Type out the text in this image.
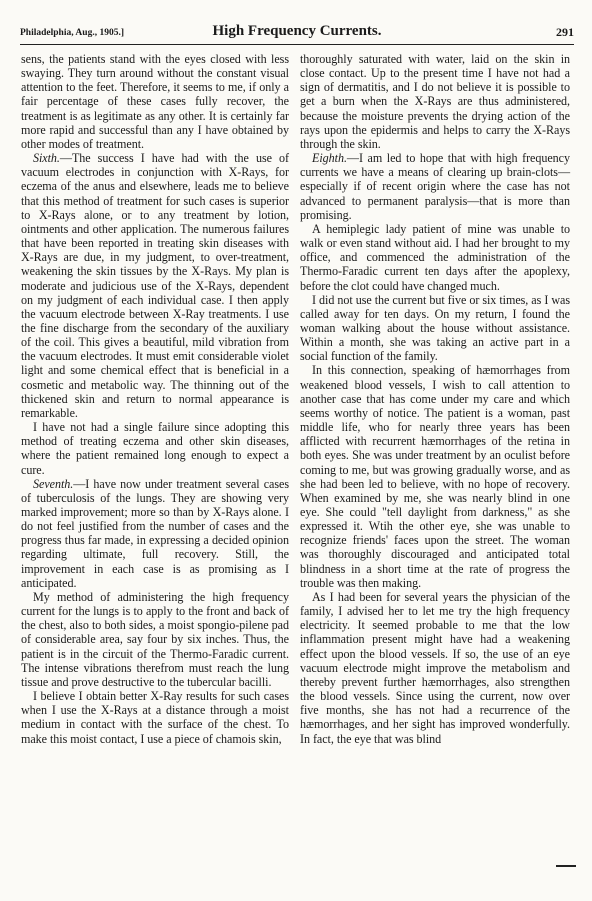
Philadelphia, Aug., 1905.]	High Frequency Currents.	291

sens, the patients stand with the eyes closed with less swaying. They turn around without the constant visual attention to the feet. Therefore, it seems to me, if only a fair percentage of these cases fully recover, the treatment is as legitimate as any other. It is certainly far more rapid and successful than any I have obtained by other modes of treatment.

Sixth.—The success I have had with the use of vacuum electrodes in conjunction with X-Rays, for eczema of the anus and elsewhere, leads me to believe that this method of treatment for such cases is superior to X-Rays alone, or to any treatment by lotion, ointments and other application. The numerous failures that have been reported in treating skin diseases with X-Rays are due, in my judgment, to over-treatment, weakening the skin tissues by the X-Rays. My plan is moderate and judicious use of the X-Rays, dependent on my judgment of each individual case. I then apply the vacuum electrode between X-Ray treatments. I use the fine discharge from the secondary of the auxiliary of the coil. This gives a beautiful, mild vibration from the vacuum electrodes. It must emit considerable violet light and some chemical effect that is beneficial in a cosmetic and metabolic way. The thinning out of the thickened skin and return to normal appearance is remarkable.

I have not had a single failure since adopting this method of treating eczema and other skin diseases, where the patient remained long enough to expect a cure.

Seventh.—I have now under treatment several cases of tuberculosis of the lungs. They are showing very marked improvement; more so than by X-Rays alone. I do not feel justified from the number of cases and the progress thus far made, in expressing a decided opinion regarding ultimate, full recovery. Still, the improvement in each case is as promising as I anticipated.

My method of administering the high frequency current for the lungs is to apply to the front and back of the chest, also to both sides, a moist spongio-pilene pad of considerable area, say four by six inches. Thus, the patient is in the circuit of the Thermo-Faradic current. The intense vibrations therefrom must reach the lung tissue and prove destructive to the tubercular bacilli.

I believe I obtain better X-Ray results for such cases when I use the X-Rays at a distance through a moist medium in contact with the surface of the chest. To make this moist contact, I use a piece of chamois skin,

thoroughly saturated with water, laid on the skin in close contact. Up to the present time I have not had a sign of dermatitis, and I do not believe it is possible to get a burn when the X-Rays are thus administered, because the moisture prevents the drying action of the rays upon the epidermis and helps to carry the X-Rays through the skin.

Eighth.—I am led to hope that with high frequency currents we have a means of clearing up brain-clots—especially if of recent origin where the case has not advanced to permanent paralysis—that is more than promising.

A hemiplegic lady patient of mine was unable to walk or even stand without aid. I had her brought to my office, and commenced the administration of the Thermo-Faradic current ten days after the apoplexy, before the clot could have changed much.

I did not use the current but five or six times, as I was called away for ten days. On my return, I found the woman walking about the house without assistance. Within a month, she was taking an active part in a social function of the family.

In this connection, speaking of hæmorrhages from weakened blood vessels, I wish to call attention to another case that has come under my care and which seems worthy of notice. The patient is a woman, past middle life, who for nearly three years has been afflicted with recurrent hæmorrhages of the retina in both eyes. She was under treatment by an oculist before coming to me, but was growing gradually worse, and as she had been led to believe, with no hope of recovery. When examined by me, she was nearly blind in one eye. She could "tell daylight from darkness," as she expressed it. Wtih the other eye, she was unable to recognize friends' faces upon the street. The woman was thoroughly discouraged and anticipated total blindness in a short time at the rate of progress the trouble was then making.

As I had been for several years the physician of the family, I advised her to let me try the high frequency electricity. It seemed probable to me that the low inflammation present might have had a weakening effect upon the blood vessels. If so, the use of an eye vacuum electrode might improve the metabolism and thereby prevent further hæmorrhages, also strengthen the blood vessels. Since using the current, now over five months, she has not had a recurrence of the hæmorrhages, and her sight has improved wonderfully. In fact, the eye that was blind
